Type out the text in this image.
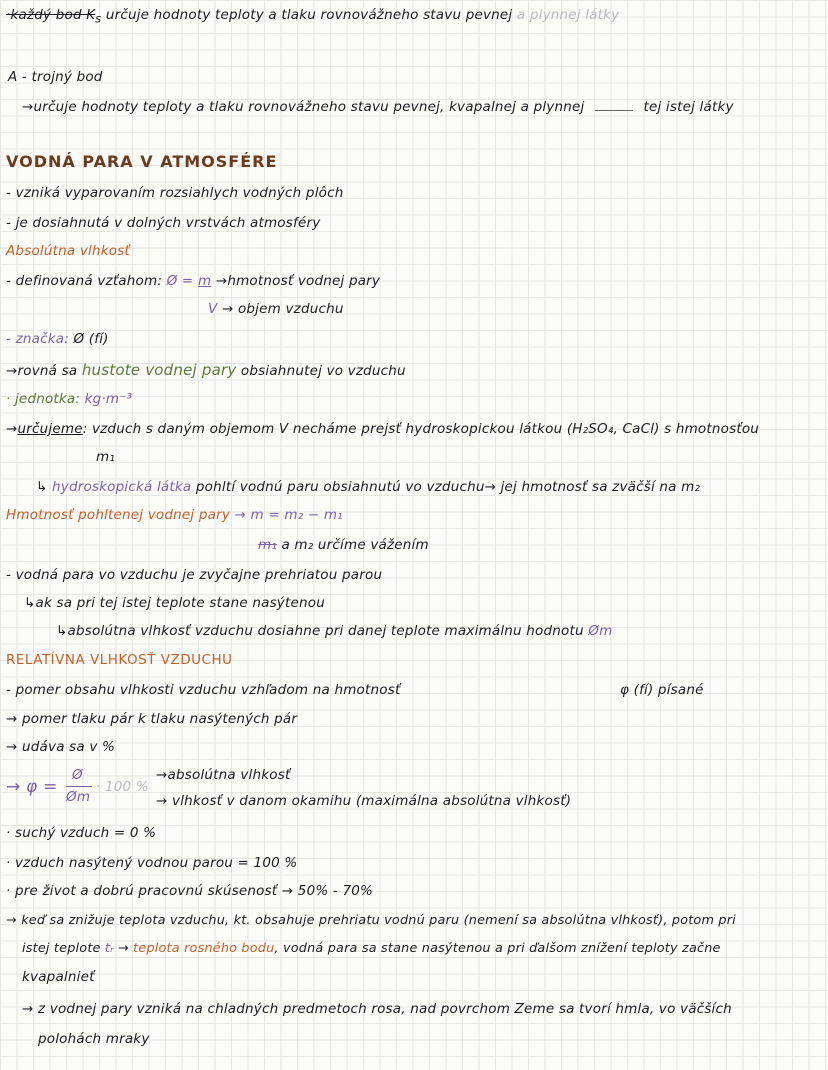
·každý bod $K_s$ určuje hodnoty teploty a tlaku rovnovážneho stavu pevnej a plynnej látky
A - trojný bod
→určuje hodnoty teploty a tlaku rovnovážneho stavu pevnej, kvapalnej a plynnej	tej istej látky
VODNÁ PARA V ATMOSFÉRE
- vzniká vyparovaním rozsiahlych vodných plôch
- je dosiahnutá v dolných vrstvách atmosféry
Absolútna vlhkosť
- definovaná vzťahom: Ø = m →hmotnosť vodnej pary
V → objem vzduchu
- značka: Ø (fí)
→rovná sa hustote vodnej pary obsiahnutej vo vzduchu
· jednotka: kg·m⁻³
→určujeme: vzduch s daným objemom V necháme prejsť hydroskopickou látkou (H₂SO₄, CaCl) s hmotnosťou
m₁
↳ hydroskopická látka pohltí vodnú paru obsiahnutú vo vzduchu→ jej hmotnosť sa zväčší na m₂
Hmotnosť pohltenej vodnej pary → m = m₂ − m₁
m₁ a m₂ určíme vážením
- vodná para vo vzduchu je zvyčajne prehriatou parou
↳ak sa pri tej istej teplote stane nasýtenou
↳absolútna vlhkosť vzduchu dosiahne pri danej teplote maximálnu hodnotu Øm
RELATÍVNA VLHKOSŤ VZDUCHU
- pomer obsahu vlhkosti vzduchu vzhľadom na hmotnosť	φ (fí) písané
→ pomer tlaku pár k tlaku nasýtených pár
→ udáva sa v %
→ φ =
Ø
Øm
· 100 %
→absolútna vlhkosť
→ vlhkosť v danom okamihu (maximálna absolútna vlhkosť)
· suchý vzduch = 0 %
· vzduch nasýtený vodnou parou = 100 %
· pre život a dobrú pracovnú skúsenosť → 50% - 70%
→ keď sa znižuje teplota vzduchu, kt. obsahuje prehriatu vodnú paru (nemení sa absolútna vlhkosť), potom pri
istej teplote tᵣ → teplota rosného bodu, vodná para sa stane nasýtenou a pri ďalšom znížení teploty začne
kvapalnieť
→ z vodnej pary vzniká na chladných predmetoch rosa, nad povrchom Zeme sa tvorí hmla, vo väčších
polohách mraky
